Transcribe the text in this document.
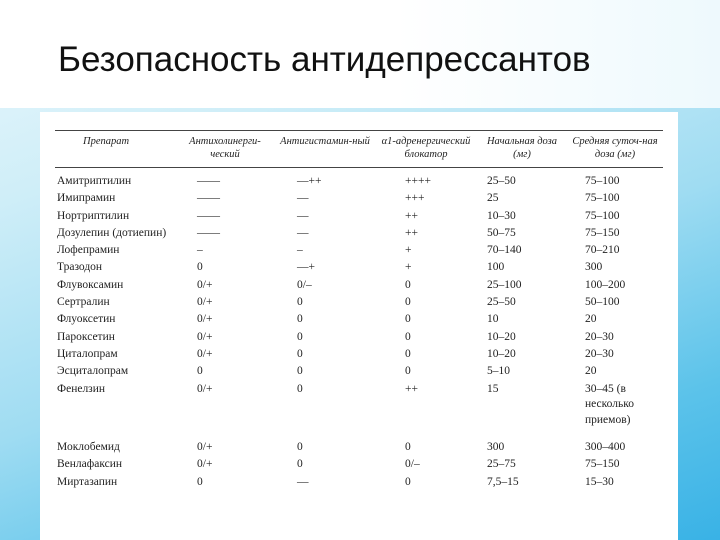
Безопасность антидепрессантов
Препарат	Антихолинерги-ческий	Антигистамин-ный	α1-адренергический блокатор	Начальная доза (мг)	Средняя суточ-ная доза (мг)
Амитриптилин	——	—++	++++	25–50	75–100
Имипрамин	——	—	+++	25	75–100
Нортриптилин	——	—	++	10–30	75–100
Дозулепин (дотиепин)	——	—	++	50–75	75–150
Лофепрамин	–	–	+	70–140	70–210
Тразодон	0	—+	+	100	300
Флувоксамин	0/+	0/–	0	25–100	100–200
Сертралин	0/+	0	0	25–50	50–100
Флуоксетин	0/+	0	0	10	20
Пароксетин	0/+	0	0	10–20	20–30
Циталопрам	0/+	0	0	10–20	20–30
Эсциталопрам	0	0	0	5–10	20
Фенелзин	0/+	0	++	15	30–45 (в несколько приемов)

Моклобемид	0/+	0	0	300	300–400
Венлафаксин	0/+	0	0/–	25–75	75–150
Миртазапин	0	—	0	7,5–15	15–30
